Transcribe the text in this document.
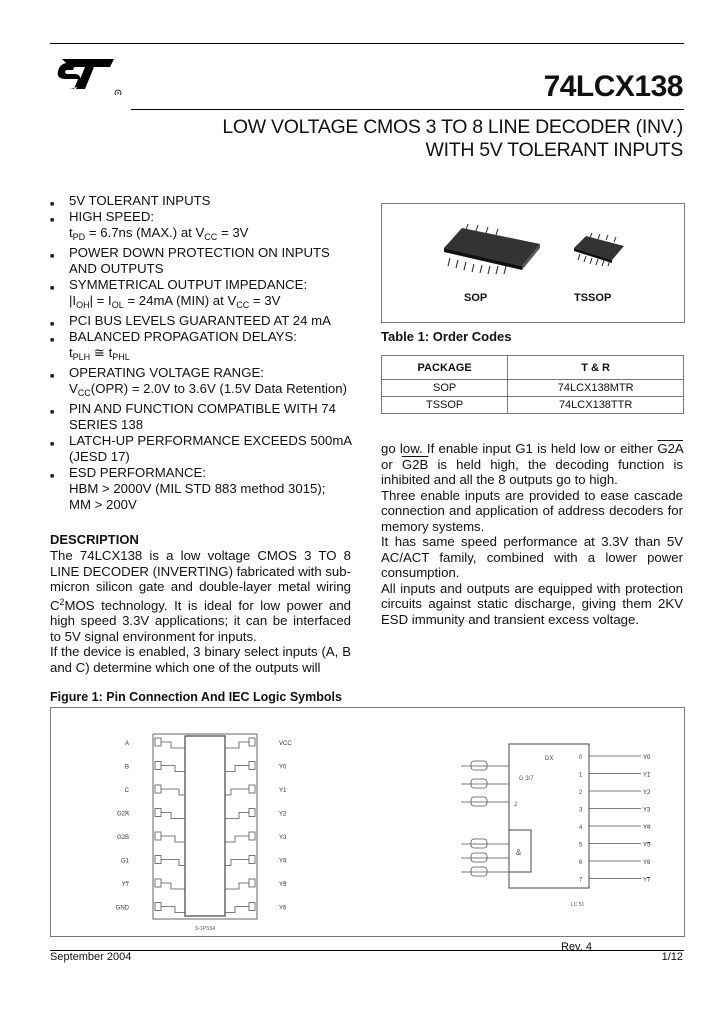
R	74LCX138
LOW VOLTAGE CMOS 3 TO 8 LINE DECODER (INV.)
WITH 5V TOLERANT INPUTS
■ 5V TOLERANT INPUTS
■ HIGH SPEED:
$t_{PD} = 6.7ns$ (MAX.) at $V_{CC} = 3V$
■ POWER DOWN PROTECTION ON INPUTS AND OUTPUTS
■ SYMMETRICAL OUTPUT IMPEDANCE:
$|I_{OH}| = I_{OL} = 24mA$ (MIN) at $V_{CC} = 3V$
■ PCI BUS LEVELS GUARANTEED AT 24 mA
■ BALANCED PROPAGATION DELAYS:
$t_{PLH}$ ≅ $t_{PHL}$
■ OPERATING VOLTAGE RANGE:
$V_{CC}(OPR) = 2.0V$ to 3.6V (1.5V Data Retention)
■ PIN AND FUNCTION COMPATIBLE WITH 74 SERIES 138
■ LATCH-UP PERFORMANCE EXCEEDS 500mA (JESD 17)
■ ESD PERFORMANCE:
HBM > 2000V (MIL STD 883 method 3015);
MM > 200V
DESCRIPTION
The 74LCX138 is a low voltage CMOS 3 TO 8 LINE DECODER (INVERTING) fabricated with sub-micron silicon gate and double-layer metal wiring $C^2MOS$ technology. It is ideal for low power and high speed 3.3V applications; it can be interfaced to 5V signal environment for inputs.
If the device is enabled, 3 binary select inputs (A, B and C) determine which one of the outputs will
SOP	TSSOP
Table 1: Order Codes
PACKAGE	T & R
SOP	74LCX138MTR
TSSOP	74LCX138TTR
go low. If enable input G1 is held low or either G2A or G2B is held high, the decoding function is inhibited and all the 8 outputs go to high.
Three enable inputs are provided to ease cascade connection and application of address decoders for memory systems.
It has same speed performance at 3.3V than 5V AC/ACT family, combined with a lower power consumption.
All inputs and outputs are equipped with protection circuits against static discharge, giving them 2KV ESD immunity and transient excess voltage.
Figure 1: Pin Connection And IEC Logic Symbols
A	VCC
B	Y0
C	Y1
G2A	Y2
G2B	Y3
G1	Y4
Y7	Y5
GND	Y6
S-1PS54
DX
G 3/7
2
&
0	Y0
1	Y1
2	Y2
3	Y3
4	Y4
5	Y5
6	Y6
7	Y7
LC 51
September 2004
Rev. 4
1/12
